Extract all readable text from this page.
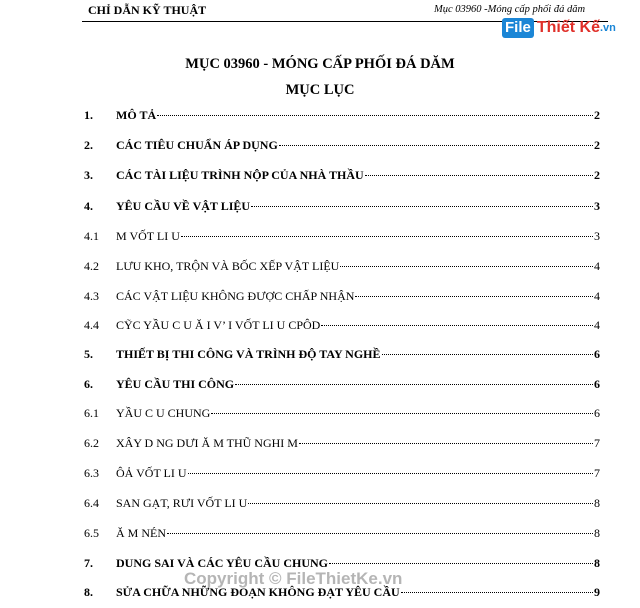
CHỈ DẪN KỸ THUẬT	Mục 03960 -Móng cấp phối đá dăm
File Thiết Kế .vn
MỤC 03960 - MÓNG CẤP PHỐI ĐÁ DĂM
MỤC LỤC
1.	MÔ TẢ	2
2.	CÁC TIÊU CHUẨN ÁP DỤNG	2
3.	CÁC TÀI LIỆU TRÌNH NỘP CỦA NHÀ THẦU	2
4.	YÊU CẦU VỀ VẬT LIỆU	3
4.1	M VỐT LI U	3
4.2	LƯU KHO, TRỘN VÀ BỐC XẾP VẬT LIỆU	4
4.3	CÁC VẬT LIỆU KHÔNG ĐƯỢC CHẤP NHẬN	4
4.4	CỸC YẦU C U Ă I V’ I VỐT LI U CPÔD	4
5.	THIẾT BỊ THI CÔNG VÀ TRÌNH ĐỘ TAY NGHỀ	6
6.	YÊU CẦU THI CÔNG	6
6.1	YẦU C U CHUNG	6
6.2	XÂY D NG DƯI Ă M THŨ NGHI M	7
6.3	ÔẢ VỐT LI U	7
6.4	SAN GẠT, RƯI VỐT LI U	8
6.5	Ă M NÉN	8
7.	DUNG SAI VÀ CÁC YÊU CẦU CHUNG	8
8.	SỬA CHỮA NHỮNG ĐOẠN KHÔNG ĐẠT YÊU CẦU	9
Copyright © FileThietKe.vn
